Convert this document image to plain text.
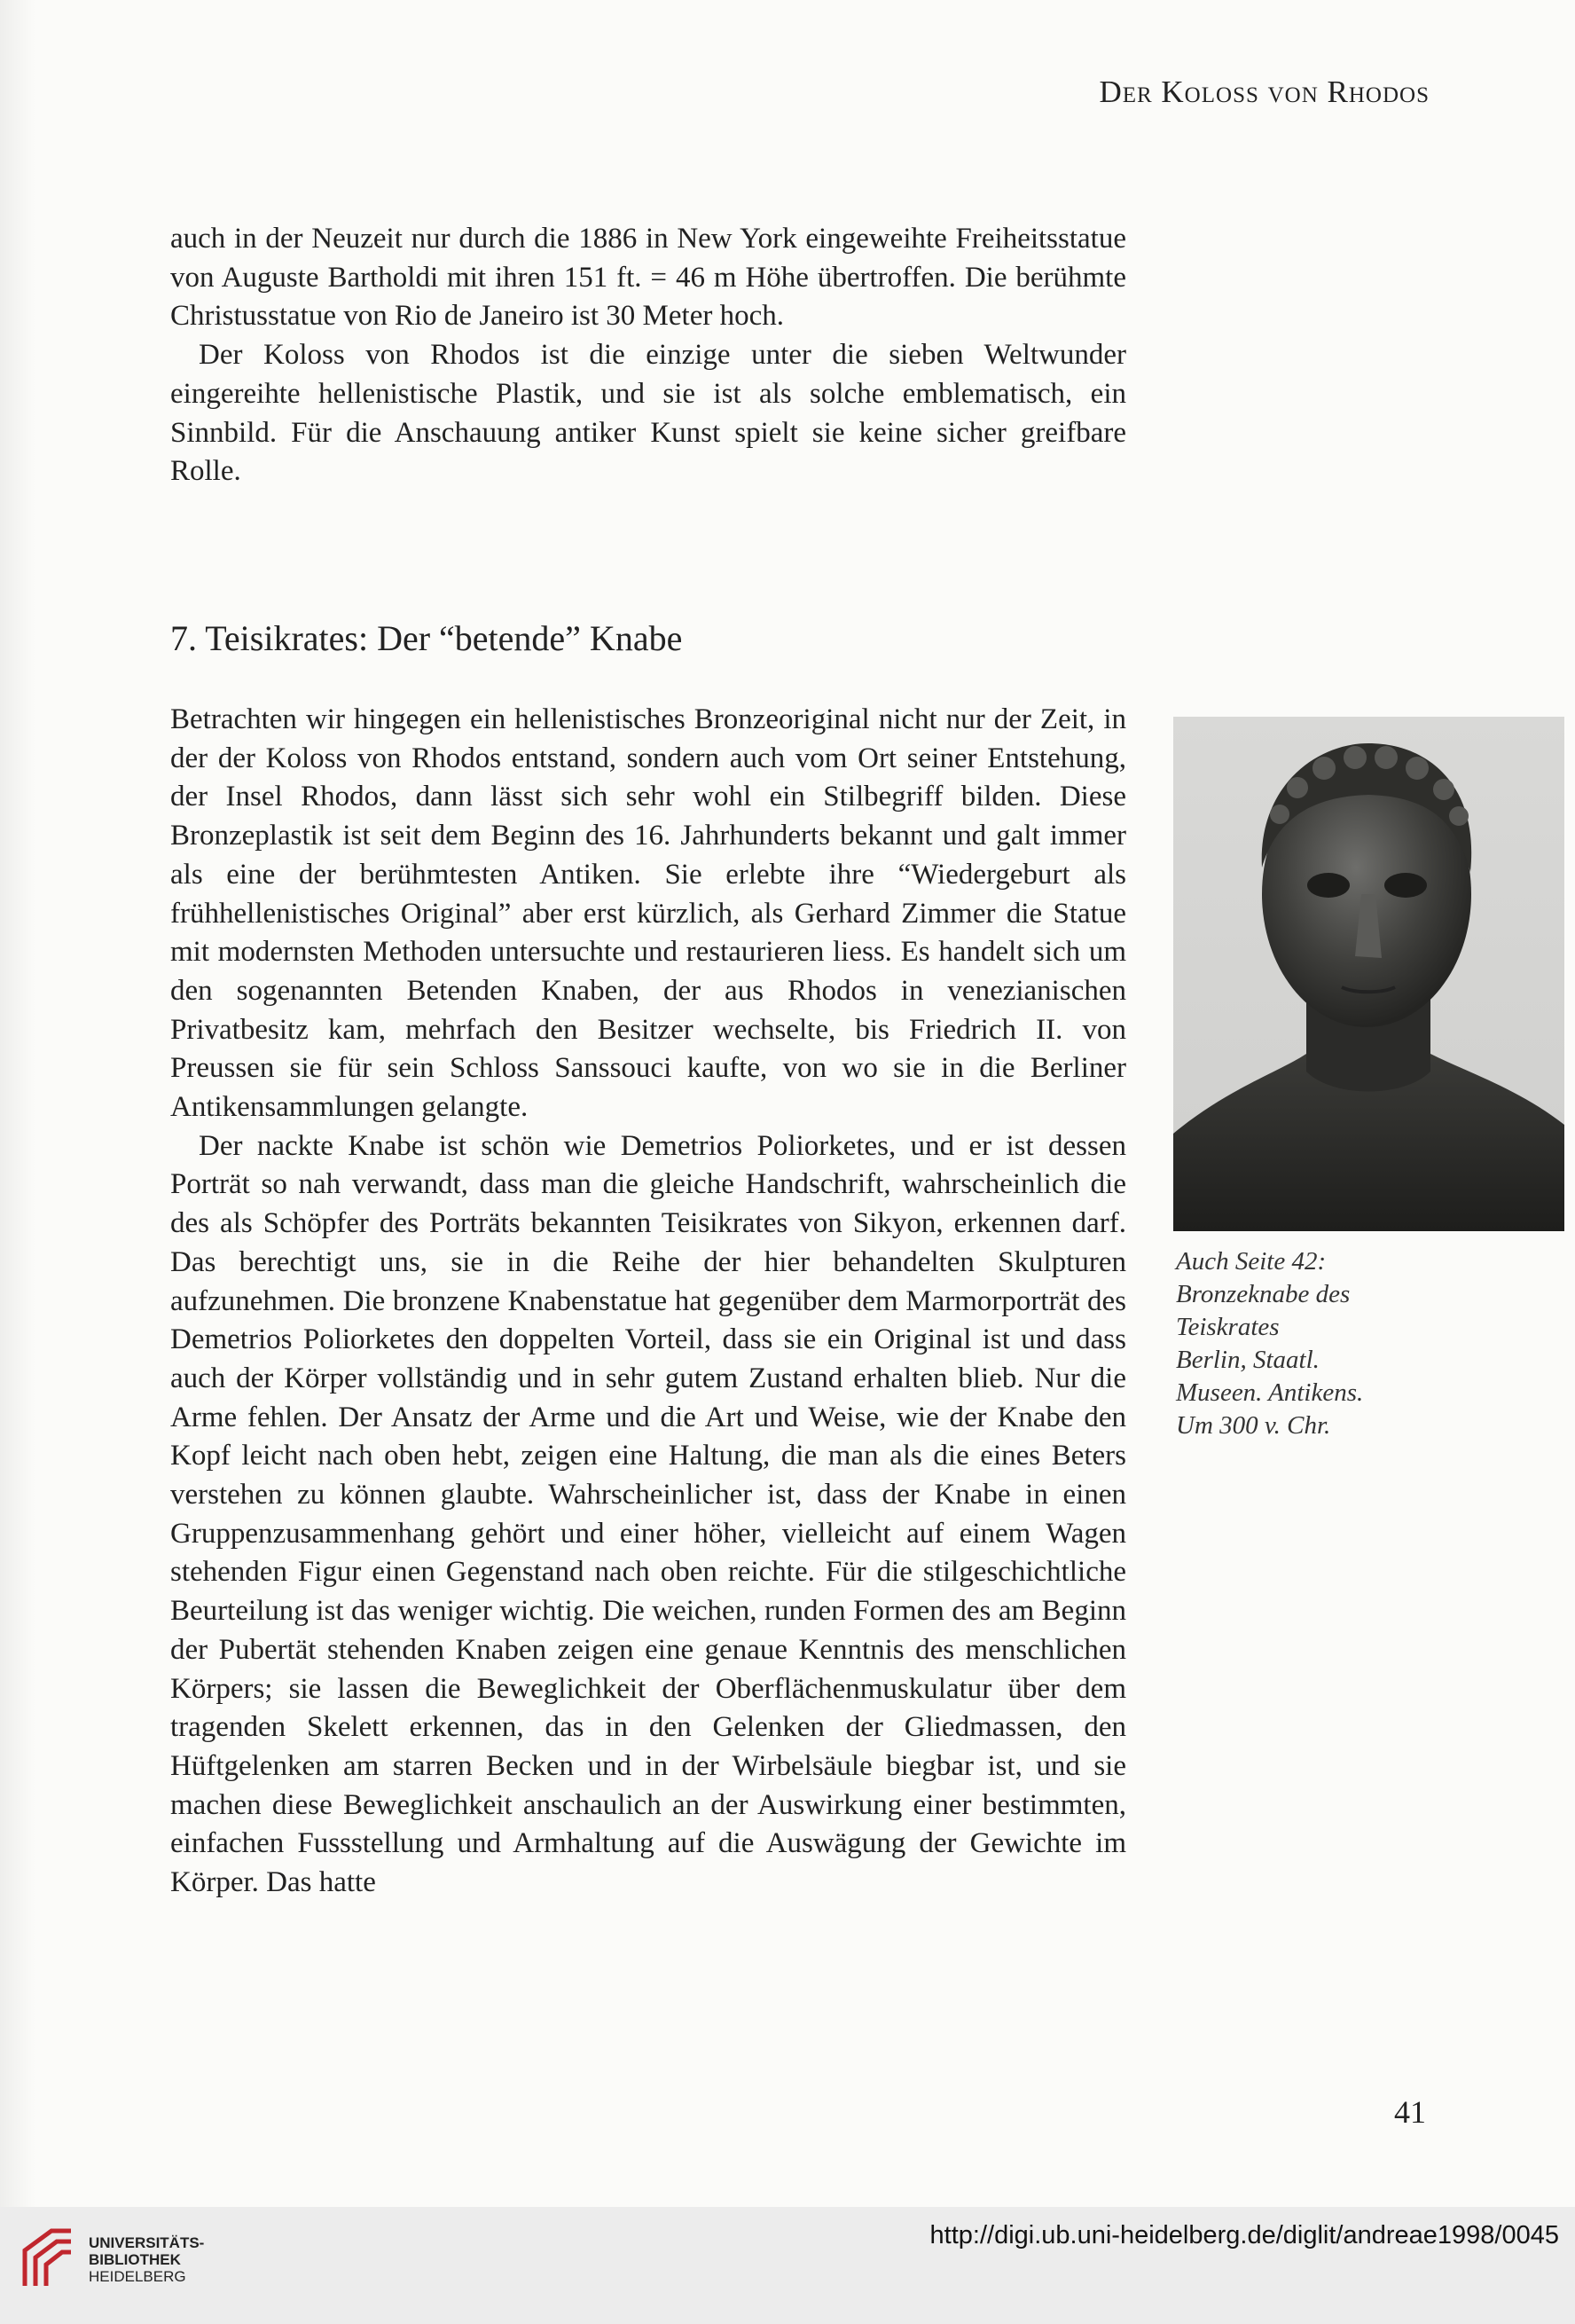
Der Koloss von Rhodos

auch in der Neuzeit nur durch die 1886 in New York eingeweihte Freiheitsstatue von Auguste Bartholdi mit ihren 151 ft. = 46 m Höhe übertroffen. Die berühmte Christusstatue von Rio de Janeiro ist 30 Meter hoch.

Der Koloss von Rhodos ist die einzige unter die sieben Weltwunder eingereihte hellenistische Plastik, und sie ist als solche emblematisch, ein Sinnbild. Für die Anschauung antiker Kunst spielt sie keine sicher greifbare Rolle.

7. Teisikrates: Der “betende” Knabe

Betrachten wir hingegen ein hellenistisches Bronzeoriginal nicht nur der Zeit, in der der Koloss von Rhodos entstand, sondern auch vom Ort seiner Entstehung, der Insel Rhodos, dann lässt sich sehr wohl ein Stilbegriff bilden. Diese Bronzeplastik ist seit dem Beginn des 16. Jahrhunderts bekannt und galt immer als eine der berühmtesten Antiken. Sie erlebte ihre “Wiedergeburt als frühhellenistisches Original” aber erst kürzlich, als Gerhard Zimmer die Statue mit modernsten Methoden untersuchte und restaurieren liess. Es handelt sich um den sogenannten Betenden Knaben, der aus Rhodos in venezianischen Privatbesitz kam, mehrfach den Besitzer wechselte, bis Friedrich II. von Preussen sie für sein Schloss Sanssouci kaufte, von wo sie in die Berliner Antikensammlungen gelangte.

Der nackte Knabe ist schön wie Demetrios Poliorketes, und er ist dessen Porträt so nah verwandt, dass man die gleiche Handschrift, wahrscheinlich die des als Schöpfer des Porträts bekannten Teisikrates von Sikyon, erkennen darf. Das berechtigt uns, sie in die Reihe der hier behandelten Skulpturen aufzunehmen. Die bronzene Knabenstatue hat gegenüber dem Marmorporträt des Demetrios Poliorketes den doppelten Vorteil, dass sie ein Original ist und dass auch der Körper vollständig und in sehr gutem Zustand erhalten blieb. Nur die Arme fehlen. Der Ansatz der Arme und die Art und Weise, wie der Knabe den Kopf leicht nach oben hebt, zeigen eine Haltung, die man als die eines Beters verstehen zu können glaubte. Wahrscheinlicher ist, dass der Knabe in einen Gruppenzusammenhang gehört und einer höher, vielleicht auf einem Wagen stehenden Figur einen Gegenstand nach oben reichte. Für die stilgeschichtliche Beurteilung ist das weniger wichtig. Die weichen, runden Formen des am Beginn der Pubertät stehenden Knaben zeigen eine genaue Kenntnis des menschlichen Körpers; sie lassen die Beweglichkeit der Oberflächenmuskulatur über dem tragenden Skelett erkennen, das in den Gelenken der Gliedmassen, den Hüftgelenken am starren Becken und in der Wirbelsäule biegbar ist, und sie machen diese Beweglichkeit anschaulich an der Auswirkung einer bestimmten, einfachen Fussstellung und Armhaltung auf die Auswägung der Gewichte im Körper. Das hatte

Auch Seite 42:
Bronzeknabe des
Teiskrates
Berlin, Staatl.
Museen. Antikens.
Um 300 v. Chr.
41
UNIVERSITÄTS-
BIBLIOTHEK
HEIDELBERG
http://digi.ub.uni-heidelberg.de/diglit/andreae1998/0045
